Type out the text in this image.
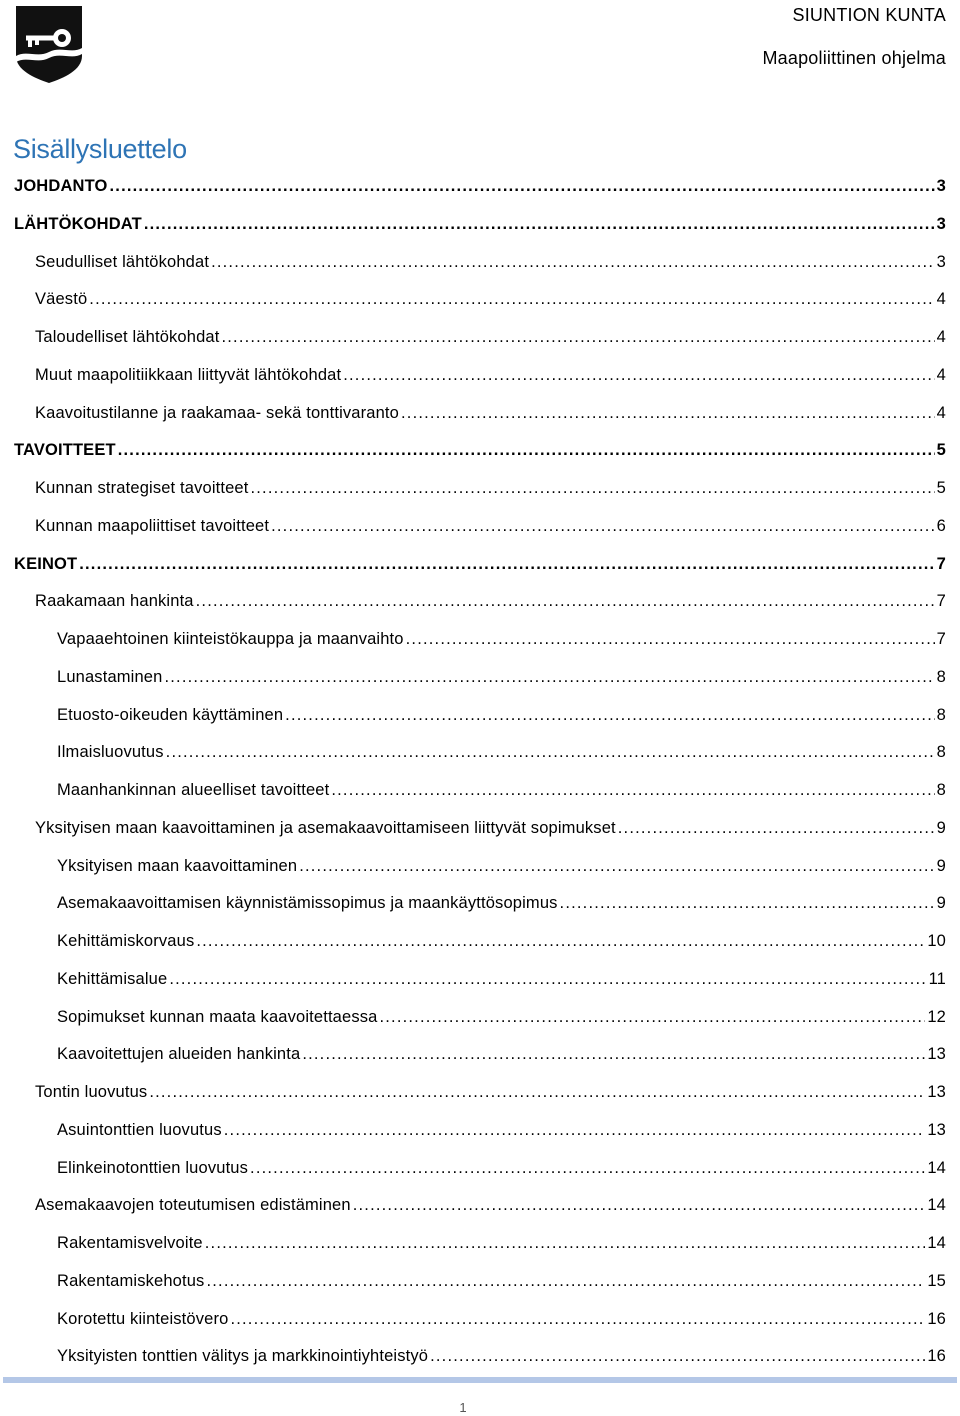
SIUNTION KUNTA
Maapoliittinen ohjelma
Sisällysluettelo
JOHDANTO .....	3
LÄHTÖKOHDAT .....	3
Seudulliset lähtökohdat .....	3
Väestö .....	4
Taloudelliset lähtökohdat .....	4
Muut maapolitiikkaan liittyvät lähtökohdat .....	4
Kaavoitustilanne ja raakamaa- sekä tonttivaranto .....	4
TAVOITTEET .....	5
Kunnan strategiset tavoitteet .....	5
Kunnan maapoliittiset tavoitteet .....	6
KEINOT .....	7
Raakamaan hankinta .....	7
Vapaaehtoinen kiinteistökauppa ja maanvaihto .....	7
Lunastaminen .....	8
Etuosto-oikeuden käyttäminen .....	8
Ilmaisluovutus .....	8
Maanhankinnan alueelliset tavoitteet .....	8
Yksityisen maan kaavoittaminen ja asemakaavoittamiseen liittyvät sopimukset .....	9
Yksityisen maan kaavoittaminen .....	9
Asemakaavoittamisen käynnistämissopimus ja maankäyttösopimus .....	9
Kehittämiskorvaus .....	10
Kehittämisalue .....	11
Sopimukset kunnan maata kaavoitettaessa .....	12
Kaavoitettujen alueiden hankinta .....	13
Tontin luovutus .....	13
Asuintonttien luovutus .....	13
Elinkeinotonttien luovutus .....	14
Asemakaavojen toteutumisen edistäminen .....	14
Rakentamisvelvoite .....	14
Rakentamiskehotus .....	15
Korotettu kiinteistövero .....	16
Yksityisten tonttien välitys ja markkinointiyhteistyö .....	16
1
